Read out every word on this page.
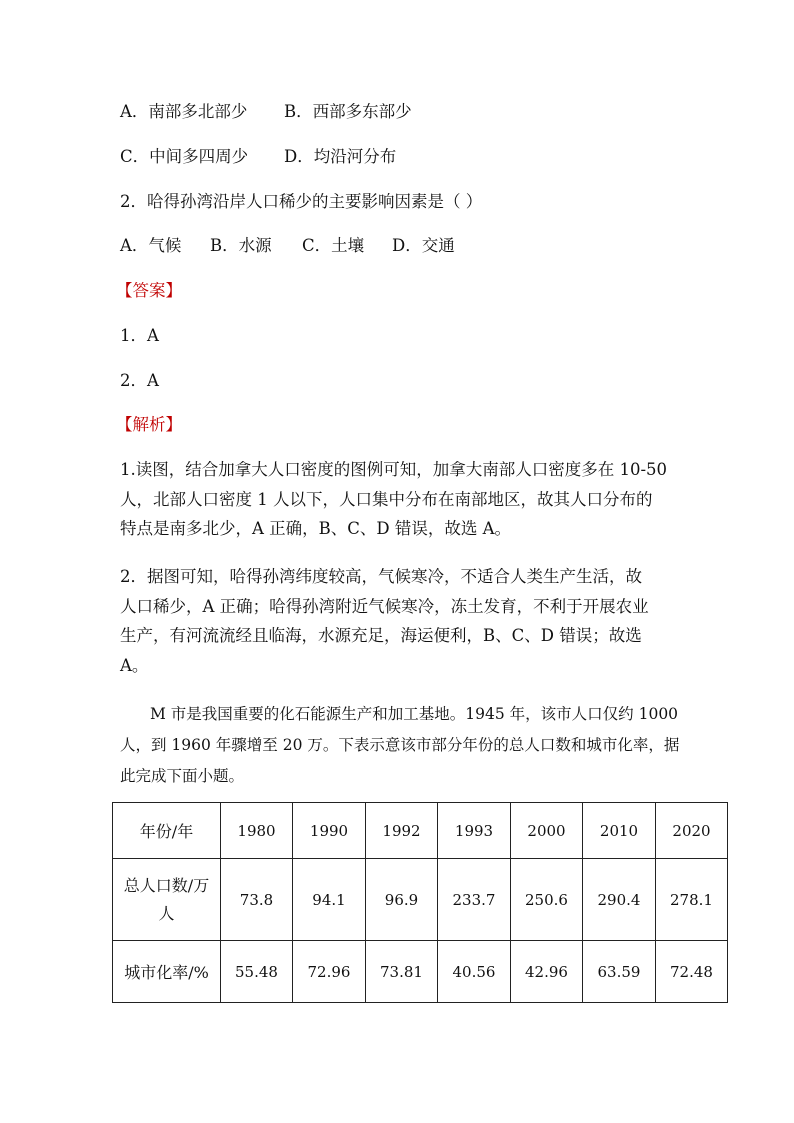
A．南部多北部少 B．西部多东部少
C．中间多四周少 D．均沿河分布
2．哈得孙湾沿岸人口稀少的主要影响因素是（ ）
A．气候 B．水源 C．土壤 D．交通
【答案】
1．A
2．A
【解析】
1.读图，结合加拿大人口密度的图例可知，加拿大南部人口密度多在 10-50
人，北部人口密度 1 人以下，人口集中分布在南部地区，故其人口分布的
特点是南多北少，A 正确，B、C、D 错误，故选 A。
2．据图可知，哈得孙湾纬度较高，气候寒冷，不适合人类生产生活，故
人口稀少，A 正确；哈得孙湾附近气候寒冷，冻土发育，不利于开展农业
生产，有河流流经且临海，水源充足，海运便利，B、C、D 错误；故选
A。
M 市是我国重要的化石能源生产和加工基地。1945 年，该市人口仅约 1000
人，到 1960 年骤增至 20 万。下表示意该市部分年份的总人口数和城市化率，据
此完成下面小题。
年份/年	1980	1990	1992	1993	2000	2010	2020
总人口数/万人	73.8	94.1	96.9	233.7	250.6	290.4	278.1
城市化率/%	55.48	72.96	73.81	40.56	42.96	63.59	72.48
